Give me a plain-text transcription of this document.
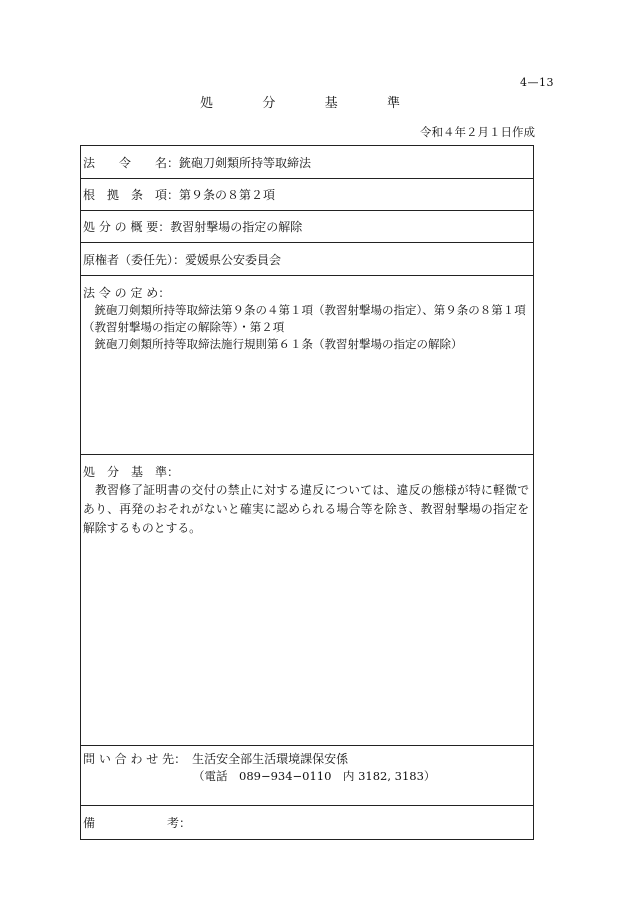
4—13
処	分	基	準
令和４年２月１日作成
法　　令　　名： 銃砲刀剣類所持等取締法
根　拠　条　項： 第９条の８第２項
処 分 の 概 要： 教習射撃場の指定の解除
原権者（委任先）： 愛媛県公安委員会
法 令 の 定 め：
　銃砲刀剣類所持等取締法第９条の４第１項（教習射撃場の指定）、第９条の８第１項
（教習射撃場の指定の解除等）・第２項
　銃砲刀剣類所持等取締法施行規則第６１条（教習射撃場の指定の解除）
処　分　基　準：

教習修了証明書の交付の禁止に対する違反については、違反の態様が特に軽微であり、再発のおそれがないと確実に認められる場合等を除き、教習射撃場の指定を解除するものとする。

問 い 合 わ せ 先：　 生活安全部生活環境課保安係
（電話　089−934−0110　内 3182, 3183）
備　　　　　　考：
